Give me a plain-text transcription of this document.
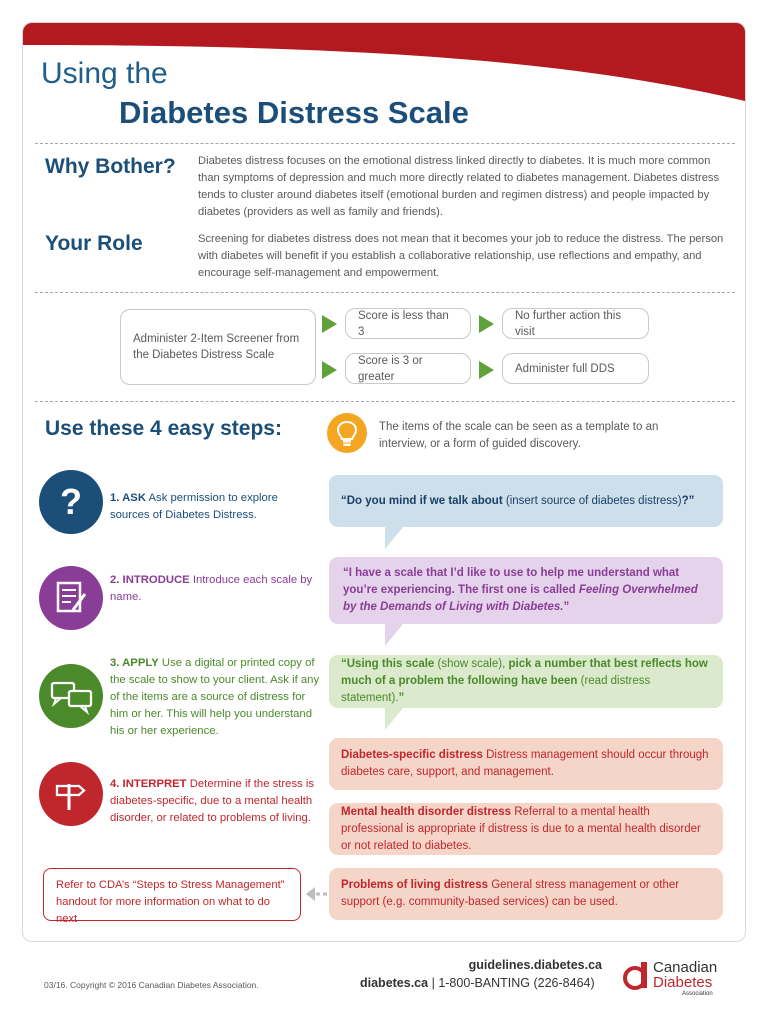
Using the
Diabetes Distress Scale
Why Bother? Diabetes distress focuses on the emotional distress linked directly to diabetes. It is much more common than symptoms of depression and much more directly related to diabetes management. Diabetes distress tends to cluster around diabetes itself (emotional burden and regimen distress) and people impacted by diabetes (providers as well as family and friends).
Your Role	Screening for diabetes distress does not mean that it becomes your job to reduce the distress. The person with diabetes will benefit if you establish a collaborative relationship, use reflections and empathy, and encourage self-management and empowerment.
Administer 2-Item Screener from the Diabetes Distress Scale
Score is less than 3
Score is 3 or greater
No further action this visit
Administer full DDS
Use these 4 easy steps:	The items of the scale can be seen as a template to an interview, or a form of guided discovery.
? 1. ASK Ask permission to explore sources of Diabetes Distress.
2. INTRODUCE Introduce each scale by name.
3. APPLY Use a digital or printed copy of the scale to show to your client. Ask if any of the items are a source of distress for him or her. This will help you understand his or her experience.
4. INTERPRET Determine if the stress is diabetes-specific, due to a mental health disorder, or related to problems of living.
“Do you mind if we talk about (insert source of diabetes distress)?”
“I have a scale that I’d like to use to help me understand what you’re experiencing. The first one is called Feeling Overwhelmed by the Demands of Living with Diabetes.”
“Using this scale (show scale), pick a number that best reflects how much of a problem the following have been (read distress statement).”
Diabetes-specific distress Distress management should occur through diabetes care, support, and management.
Mental health disorder distress Referral to a mental health professional is appropriate if distress is due to a mental health disorder or not related to diabetes.
Problems of living distress General stress management or other support (e.g. community-based services) can be used.
Refer to CDA’s “Steps to Stress Management” handout for more information on what to do next
03/16. Copyright © 2016 Canadian Diabetes Association.
guidelines.diabetes.ca
diabetes.ca | 1-800-BANTING (226-8464)
Canadian
Diabetes
Association
